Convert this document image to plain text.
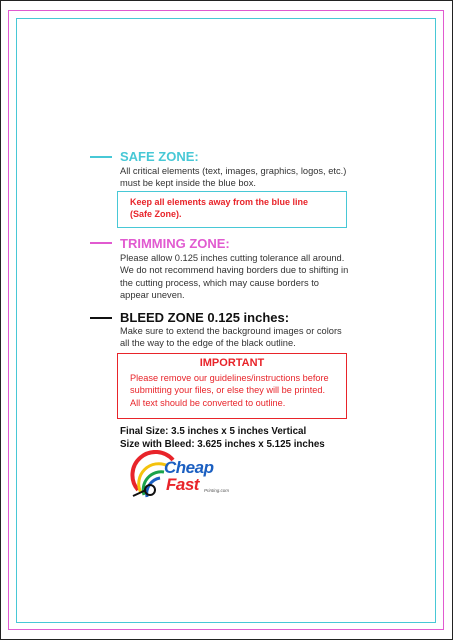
SAFE ZONE:
All critical elements (text, images, graphics, logos, etc.)
must be kept inside the blue box.
Keep all elements away from the blue line
(Safe Zone).
TRIMMING ZONE:
Please allow 0.125 inches cutting tolerance all around.
We do not recommend having borders due to shifting in
the cutting process, which may cause borders to
appear uneven.
BLEED ZONE 0.125 inches:
Make sure to extend the background images or colors
all the way to the edge of the black outline.
IMPORTANT
Please remove our guidelines/instructions before
submitting your files, or else they will be printed.
All text should be converted to outline.
Final Size: 3.5 inches x 5 inches Vertical
Size with Bleed: 3.625 inches x 5.125 inches
Cheap
Fast Printing.com
